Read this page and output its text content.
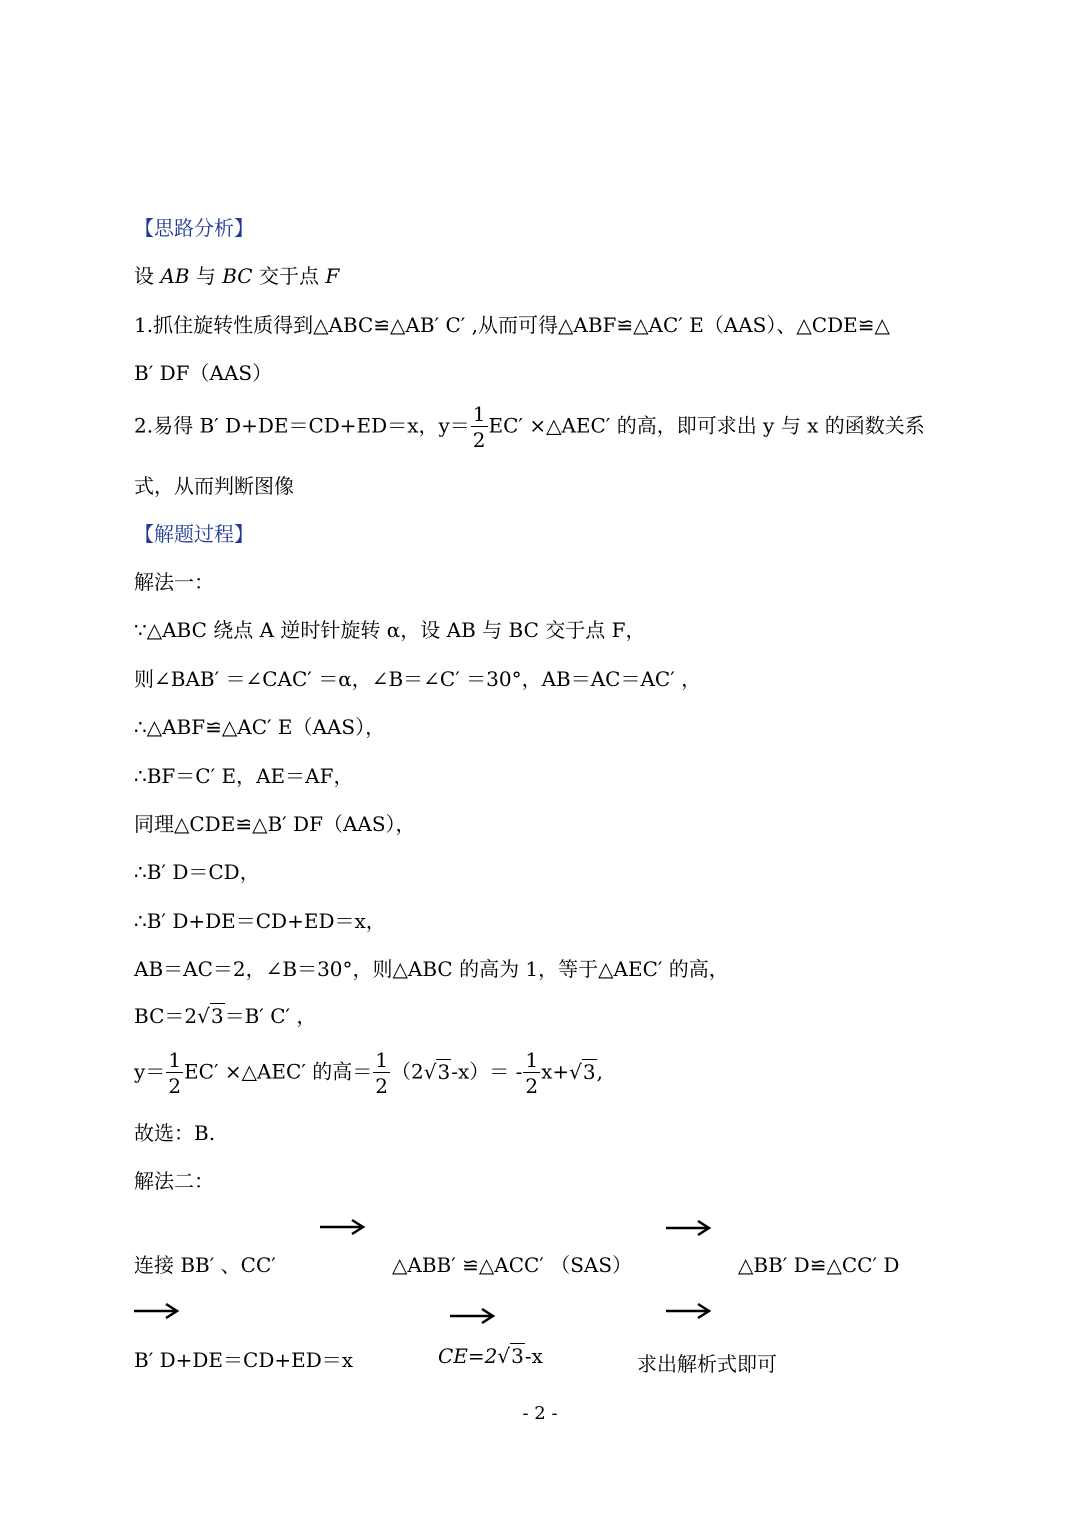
【思路分析】
设 AB 与 BC 交于点 F
1.抓住旋转性质得到△ABC≌△AB′ C′ ,从而可得△ABF≌△AC′ E（AAS）、△CDE≌△
B′ DF（AAS）
2.易得 B′ D+DE＝CD+ED＝x，$y= \frac{1}{2} EC'$ ×△AEC′ 的高，即可求出 y 与 x 的函数关系
式，从而判断图像
【解题过程】
解法一：
∵△ABC 绕点 A 逆时针旋转 α，设 AB 与 BC 交于点 F，
则∠BAB′ ＝∠CAC′ ＝α，∠B＝∠C′ ＝30°，AB＝AC＝AC′ ，
∴△ABF≌△AC′ E（AAS），
∴BF＝C′ E，AE＝AF，
同理△CDE≌△B′ DF（AAS），
∴B′ D＝CD，
∴B′ D+DE＝CD+ED＝x，
AB＝AC＝2，∠B＝30°，则△ABC 的高为 1，等于△AEC′ 的高，
BC＝2√3＝B′ C′ ，
$y= \frac{1}{2} EC'$ ×△AEC′ 的高＝ $\frac{1}{2} (2√3-x)= - \frac{1}{2} x+√3$,
故选：B.
解法二：
连接 BB′ 、CC′	△ABB′ ≌△ACC′ （SAS）	△BB′ D≌△CC′ D
B′ D+DE＝CD+ED＝x	CE=2√3-x	求出解析式即可
- 2 -
